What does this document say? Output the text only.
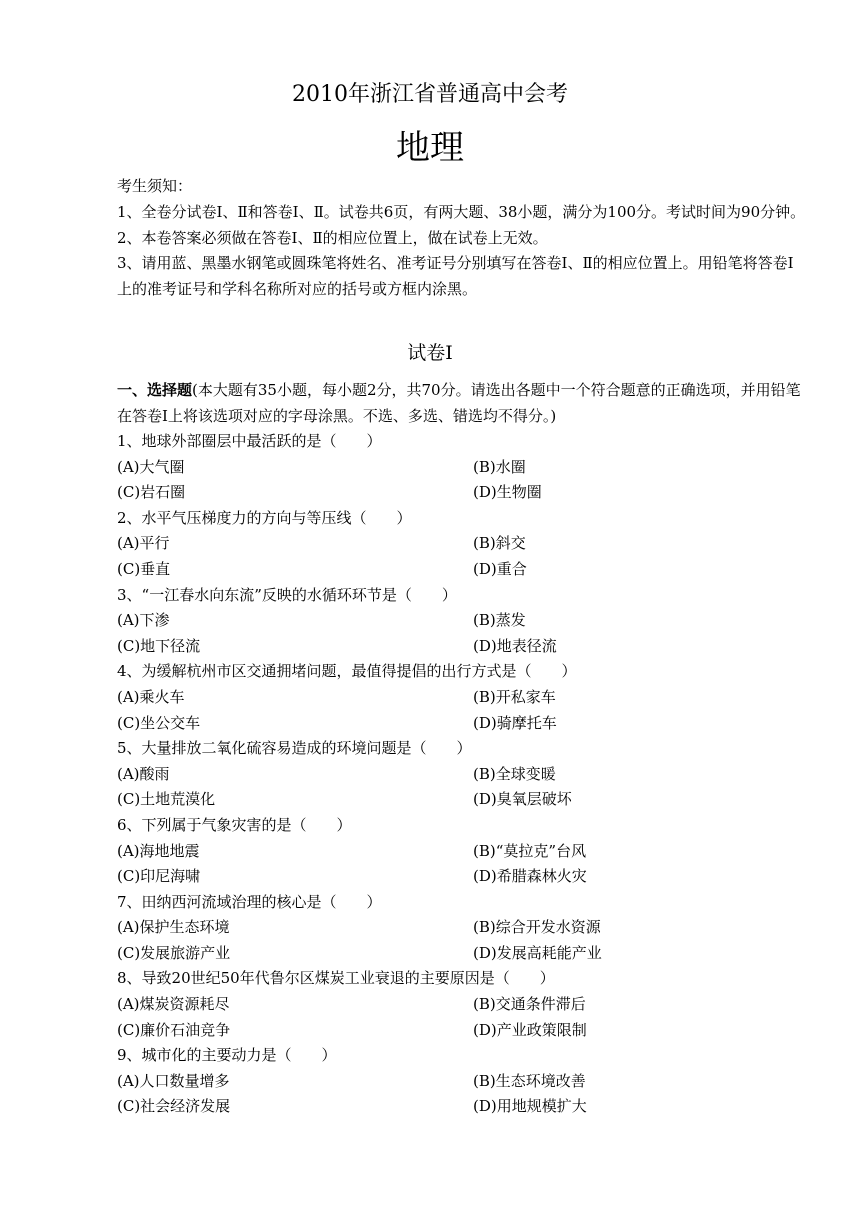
2010年浙江省普通高中会考
地理

考生须知：

1、全卷分试卷Ⅰ、Ⅱ和答卷Ⅰ、Ⅱ。试卷共6页，有两大题、38小题，满分为100分。考试时间为90分钟。

2、本卷答案必须做在答卷Ⅰ、Ⅱ的相应位置上，做在试卷上无效。

3、请用蓝、黑墨水钢笔或圆珠笔将姓名、准考证号分别填写在答卷Ⅰ、Ⅱ的相应位置上。用铅笔将答卷Ⅰ上的准考证号和学科名称所对应的括号或方框内涂黑。

试卷Ⅰ
一、选择题(本大题有35小题，每小题2分，共70分。请选出各题中一个符合题意的正确选项，并用铅笔在答卷Ⅰ上将该选项对应的字母涂黑。不选、多选、错选均不得分。)
1、地球外部圈层中最活跃的是（　　）
(A)大气圈	(B)水圈
(C)岩石圈	(D)生物圈
2、水平气压梯度力的方向与等压线（　　）
(A)平行	(B)斜交
(C)垂直	(D)重合
3、“一江春水向东流”反映的水循环环节是（　　）
(A)下渗	(B)蒸发
(C)地下径流	(D)地表径流
4、为缓解杭州市区交通拥堵问题，最值得提倡的出行方式是（　　）
(A)乘火车	(B)开私家车
(C)坐公交车	(D)骑摩托车
5、大量排放二氧化硫容易造成的环境问题是（　　）
(A)酸雨	(B)全球变暖
(C)土地荒漠化	(D)臭氧层破坏
6、下列属于气象灾害的是（　　）
(A)海地地震	(B)“莫拉克”台风
(C)印尼海啸	(D)希腊森林火灾
7、田纳西河流域治理的核心是（　　）
(A)保护生态环境	(B)综合开发水资源
(C)发展旅游产业	(D)发展高耗能产业
8、导致20世纪50年代鲁尔区煤炭工业衰退的主要原因是（　　）
(A)煤炭资源耗尽	(B)交通条件滞后
(C)廉价石油竞争	(D)产业政策限制
9、城市化的主要动力是（　　）
(A)人口数量增多	(B)生态环境改善
(C)社会经济发展	(D)用地规模扩大
